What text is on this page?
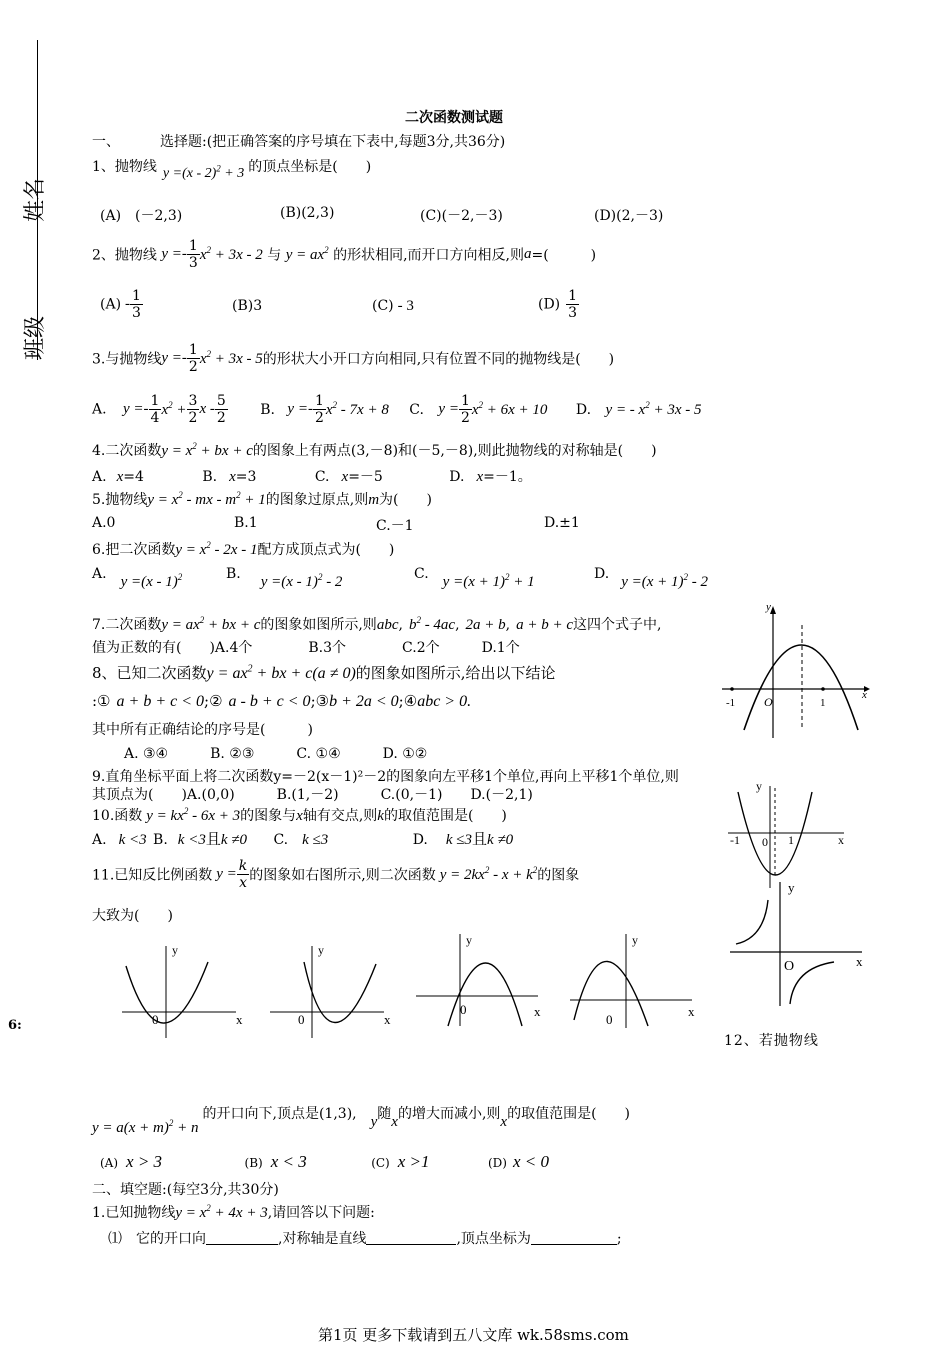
姓名
班级
二次函数测试题
一、	选择题:(把正确答案的序号填在下表中,每题3分,共36分)
1、抛物线 y =(x - 2)$^2$ + 3 的顶点坐标是(　　)
(A)　(－2,3)	(B)(2,3)	(C)(－2,－3)	(D)(2,－3)
2、抛物线 $y =- \frac{1}{3} x^2 + 3x - 2$ 与 $y = ax^2$ 的形状相同,而开口方向相反,则a=(　　　)
$(A) - \frac{1}{3}$	(B)3	(C) - 3	$(D) \frac{1}{3}$
3.与抛物线$y =- \frac{1}{2} x^2 + 3x - 5$的形状大小开口方向相同,只有位置不同的抛物线是(　　)
A. $y =- \frac{1}{4} x^2 + \frac{3}{2}$ x - $\frac{5}{2} B$. $y =- \frac{1}{2} x^2 - 7x + 8$ C. $y = \frac{1}{2} x^2 + 6x + 10$ D. y = - $x^2 + 3x - 5$
4.二次函数$y = x^2$ + bx + c的图象上有两点(3,－8)和(－5,－8),则此抛物线的对称轴是(　　)
A. x=4	B. x=3	C. x=－5	D. x=－1。
5.抛物线$y = x^2$ - mx - $m^2 + 1$的图象过原点,则m为(　　)
A.0	B.1	C.－1	D.±1
6.把二次函数$y = x^2 - 2x - 1$配方成顶点式为(　　)
A. y =(x - 1)$^2$	B. y =(x - 1)$^2$ - 2	C. $y =(x + 1)^2 + 1$	D. $y =(x + 1)^2 - 2$
7.二次函数$y = ax^2$ + bx + c的图象如图所示,则abc, $b^2 - 4ac$, 2a + b, a + b + c这四个式子中,
值为正数的有(　　)A.4个　　　　B.3个　　　　C.2个　　　D.1个
8、已知二次函数$y = ax^2$ + bx + c(a ≠ 0)的图象如图所示,给出以下结论
:① a + b + c < 0;② a - b + c < 0;③b + 2a < 0;④abc > 0.
其中所有正确结论的序号是(　　　)
A. ③④　　　B. ②③　　　C. ①④　　　D. ①②
9.直角坐标平面上将二次函数y=－2(x－1)²－2的图象向左平移1个单位,再向上平移1个单位,则
其顶点为(　　)A.(0,0)　　　B.(1,－2)　　　C.(0,－1)　　D.(－2,1)
10.函数 $y = kx^2 - 6x + 3$的图象与x轴有交点,则k的取值范围是(　　)
A. k <3 B. k <3且k ≠0 C. k ≤3	D. k ≤3且k ≠0
11.已知反比例函数 $y = \frac{k}{x}$ 的图象如右图所示,则二次函数 $y = 2kx^2 - x + k^2$的图象
大致为(　　)
6:
12、若抛物线
$y = a(x + m)^2 + n$的开口向下,顶点是(1,3), y随x的增大而减小,则x的取值范围是(　　)
(A) x > 3	(B) x < 3	(C) x >1	(D) x < 0
二、填空题:(每空3分,共30分)
1.已知抛物线$y = x^2 + 4x + 3$,请回答以下问题:
⑴　它的开口向	,对称轴是直线	,顶点坐标为	;
第1页 更多下载请到五八文库 wk.58sms.com
y
x
O
-1	1
y
x
-1 0 1
y
x
O
y
x
0
y
x
0
y
x
0
y
x
0
